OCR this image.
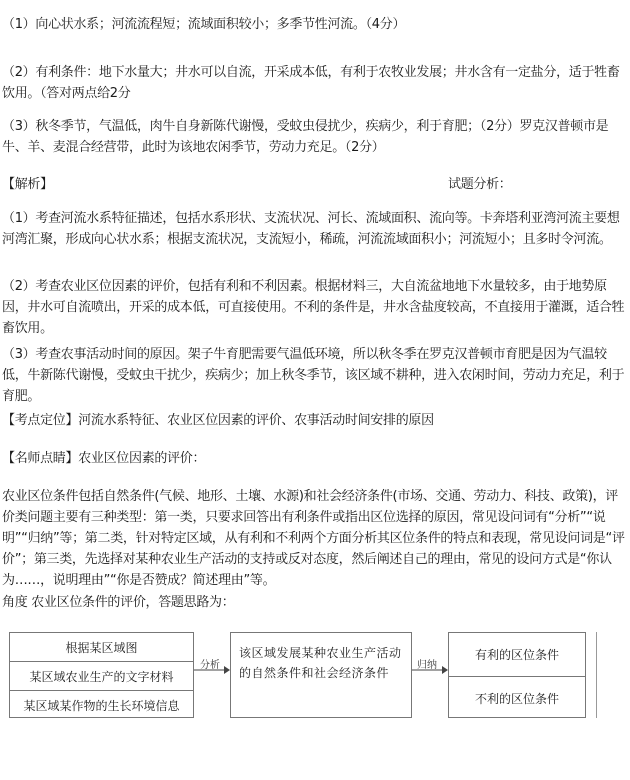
（1）向心状水系；河流流程短；流域面积较小；多季节性河流。（4分）
（2）有利条件：地下水量大；井水可以自流，开采成本低，有利于农牧业发展；井水含有一定盐分，适于牲畜饮用。（答对两点给2分
（3）秋冬季节，气温低，肉牛自身新陈代谢慢，受蚊虫侵扰少，疾病少，利于育肥；（2分）罗克汉普顿市是牛、羊、麦混合经营带，此时为该地农闲季节，劳动力充足。（2分）
【解析】	试题分析：
（1）考查河流水系特征描述，包括水系形状、支流状况、河长、流域面积、流向等。卡奔塔利亚湾河流主要想河湾汇聚，形成向心状水系；根据支流状况，支流短小，稀疏，河流流域面积小；河流短小；且多时令河流。
（2）考查农业区位因素的评价，包括有利和不利因素。根据材料三，大自流盆地地下水量较多，由于地势原因，井水可自流喷出，开采的成本低，可直接使用。不利的条件是，井水含盐度较高，不直接用于灌溉，适合牲畜饮用。
（3）考查农事活动时间的原因。架子牛育肥需要气温低环境，所以秋冬季在罗克汉普顿市育肥是因为气温较低，牛新陈代谢慢，受蚊虫干扰少，疾病少；加上秋冬季节，该区域不耕种，进入农闲时间，劳动力充足，利于育肥。
【考点定位】河流水系特征、农业区位因素的评价、农事活动时间安排的原因
【名师点睛】农业区位因素的评价：
农业区位条件包括自然条件(气候、地形、土壤、水源)和社会经济条件(市场、交通、劳动力、科技、政策)，评价类问题主要有三种类型：第一类，只要求回答出有利条件或指出区位选择的原因，常见设问词有“分析”“说明”“归纳”等；第二类，针对特定区域，从有利和不利两个方面分析其区位条件的特点和表现，常见设问词是“评价”；第三类，先选择对某种农业生产活动的支持或反对态度，然后阐述自己的理由，常见的设问方式是“你认为……，说明理由”“你是否赞成？简述理由”等。
角度 农业区位条件的评价，答题思路为：
根据某区域图
某区域农业生产的文字材料
某区域某作物的生长环境信息
分析
该区域发展某种农业生产活动的自然条件和社会经济条件
归纳
有利的区位条件
不利的区位条件
